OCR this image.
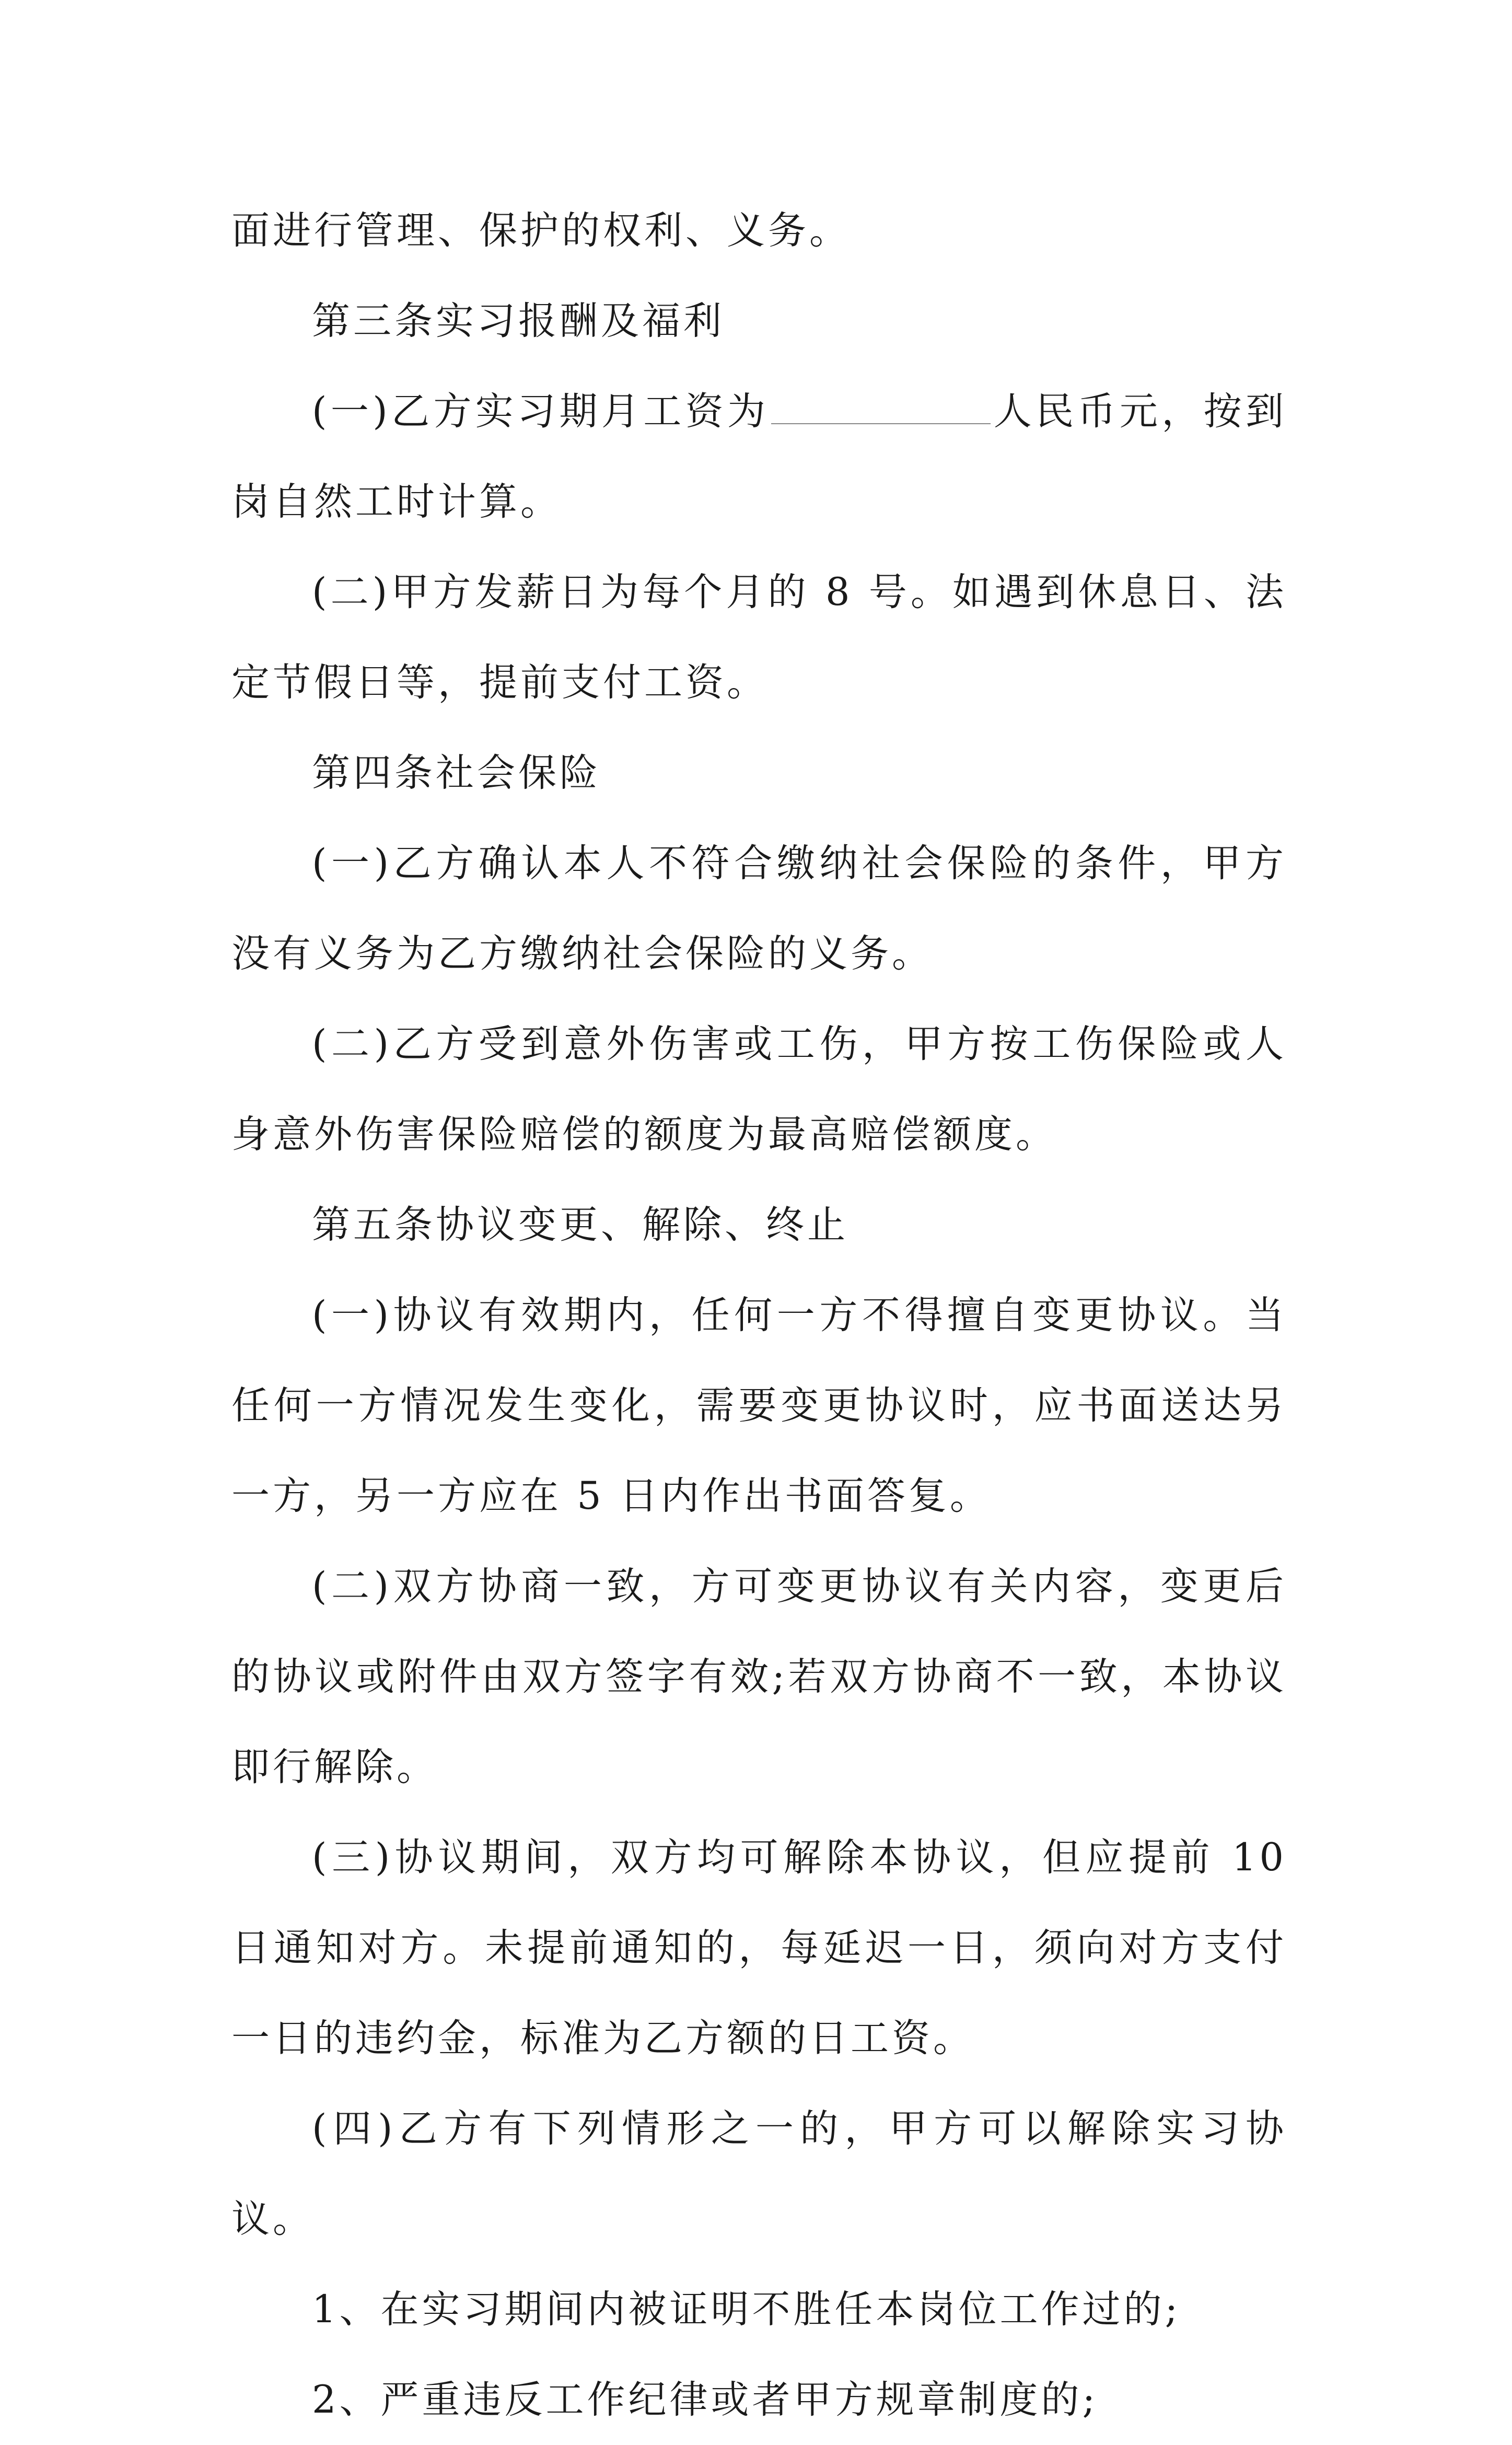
面进行管理、保护的权利、义务。

第三条实习报酬及福利

(一)乙方实习期月工资为	人民币元，按到岗自然工时计算。

(二)甲方发薪日为每个月的 8 号。如遇到休息日、法定节假日等，提前支付工资。

第四条社会保险

(一)乙方确认本人不符合缴纳社会保险的条件，甲方没有义务为乙方缴纳社会保险的义务。

(二)乙方受到意外伤害或工伤，甲方按工伤保险或人身意外伤害保险赔偿的额度为最高赔偿额度。

第五条协议变更、解除、终止

(一)协议有效期内，任何一方不得擅自变更协议。当任何一方情况发生变化，需要变更协议时，应书面送达另一方，另一方应在 5 日内作出书面答复。

(二)双方协商一致，方可变更协议有关内容，变更后的协议或附件由双方签字有效;若双方协商不一致，本协议即行解除。

(三)协议期间，双方均可解除本协议，但应提前 10 日通知对方。未提前通知的，每延迟一日，须向对方支付一日的违约金，标准为乙方额的日工资。

(四)乙方有下列情形之一的，甲方可以解除实习协议。

1、在实习期间内被证明不胜任本岗位工作过的;

2、严重违反工作纪律或者甲方规章制度的;
